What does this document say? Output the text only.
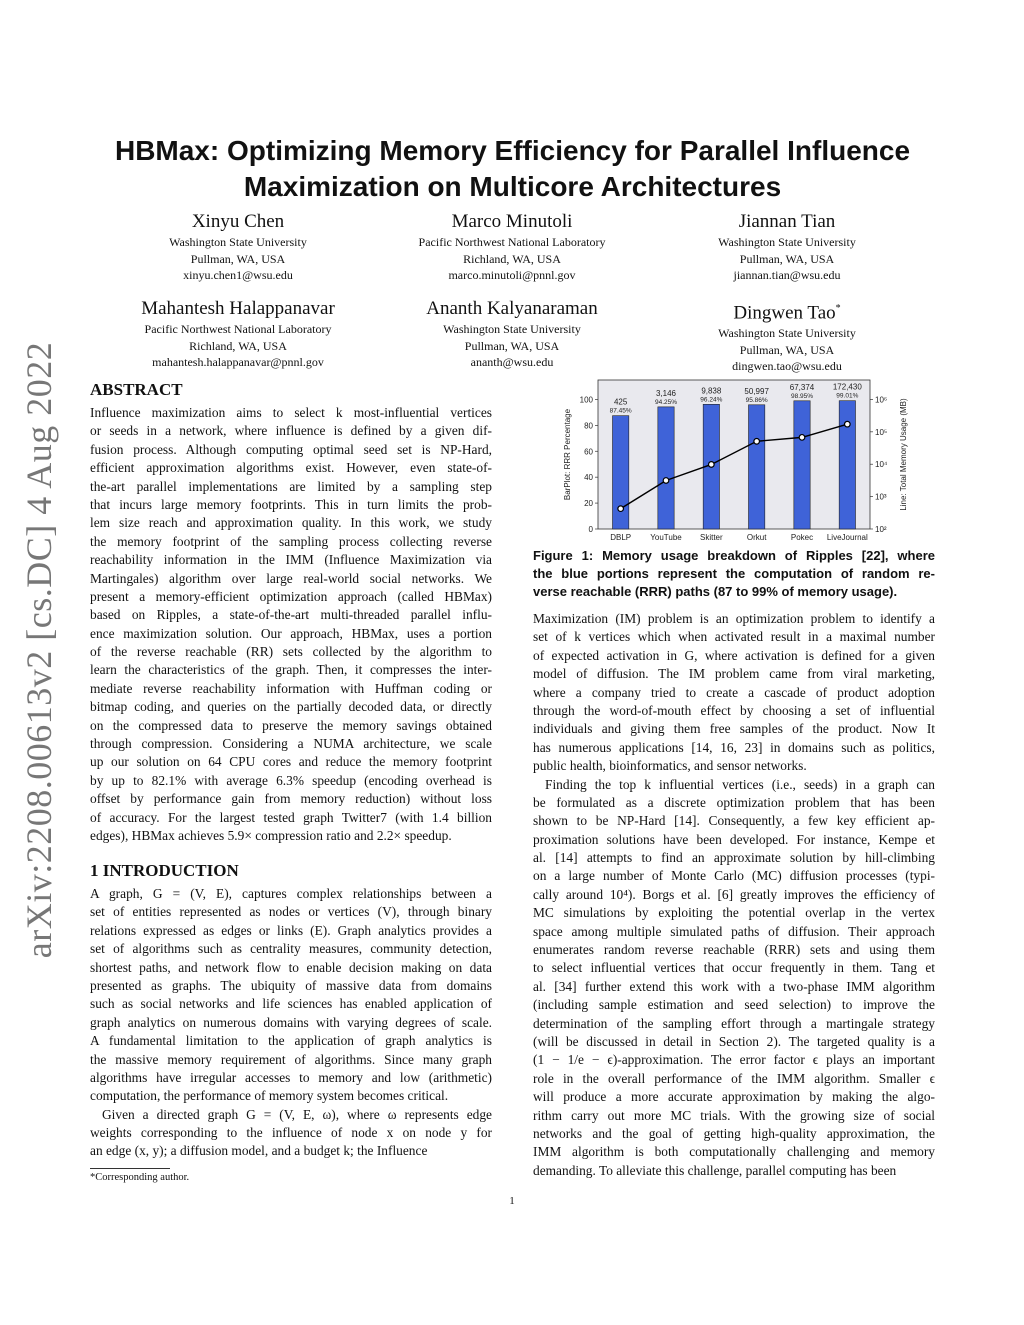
arXiv:2208.00613v2 [cs.DC] 4 Aug 2022
HBMax: Optimizing Memory Efficiency for Parallel Influence
Maximization on Multicore Architectures
Xinyu Chen
Washington State University
Pullman, WA, USA
xinyu.chen1@wsu.edu
Marco Minutoli
Pacific Northwest National Laboratory
Richland, WA, USA
marco.minutoli@pnnl.gov
Jiannan Tian
Washington State University
Pullman, WA, USA
jiannan.tian@wsu.edu
Mahantesh Halappanavar
Pacific Northwest National Laboratory
Richland, WA, USA
mahantesh.halappanavar@pnnl.gov
Ananth Kalyanaraman
Washington State University
Pullman, WA, USA
ananth@wsu.edu
Dingwen Tao*
Washington State University
Pullman, WA, USA
dingwen.tao@wsu.edu
ABSTRACT
Influence maximization aims to select k most-influential vertices
or seeds in a network, where influence is defined by a given dif-
fusion process. Although computing optimal seed set is NP-Hard,
efficient approximation algorithms exist. However, even state-of-
the-art parallel implementations are limited by a sampling step
that incurs large memory footprints. This in turn limits the prob-
lem size reach and approximation quality. In this work, we study
the memory footprint of the sampling process collecting reverse
reachability information in the IMM (Influence Maximization via
Martingales) algorithm over large real-world social networks. We
present a memory-efficient optimization approach (called HBMax)
based on Ripples, a state-of-the-art multi-threaded parallel influ-
ence maximization solution. Our approach, HBMax, uses a portion
of the reverse reachable (RR) sets collected by the algorithm to
learn the characteristics of the graph. Then, it compresses the inter-
mediate reverse reachability information with Huffman coding or
bitmap coding, and queries on the partially decoded data, or directly
on the compressed data to preserve the memory savings obtained
through compression. Considering a NUMA architecture, we scale
up our solution on 64 CPU cores and reduce the memory footprint
by up to 82.1% with average 6.3% speedup (encoding overhead is
offset by performance gain from memory reduction) without loss
of accuracy. For the largest tested graph Twitter7 (with 1.4 billion
edges), HBMax achieves 5.9× compression ratio and 2.2× speedup.
1 INTRODUCTION
A graph, G = (V, E), captures complex relationships between a
set of entities represented as nodes or vertices (V), through binary
relations expressed as edges or links (E). Graph analytics provides a
set of algorithms such as centrality measures, community detection,
shortest paths, and network flow to enable decision making on data
presented as graphs. The ubiquity of massive data from domains
such as social networks and life sciences has enabled application of
graph analytics on numerous domains with varying degrees of scale.
A fundamental limitation to the application of graph analytics is
the massive memory requirement of algorithms. Since many graph
algorithms have irregular accesses to memory and low (arithmetic)
computation, the performance of memory system becomes critical.
Given a directed graph G = (V, E, ω), where ω represents edge
weights corresponding to the influence of node x on node y for
an edge (x, y); a diffusion model, and a budget k; the Influence
0
20
40
60
80
100
10²
10³
10⁴
10⁵
10⁶
425
87.45%
DBLP
3,146
94.25%
YouTube
9,838
96.24%
Skitter
50,997
95.86%
Orkut
67,374
98.95%
Pokec
172,430
99.01%
LiveJournal
BarPlot: RRR Percentage	Line: Total Memory Usage (MB)
Figure 1: Memory usage breakdown of Ripples [22], where
the blue portions represent the computation of random re-
verse reachable (RRR) paths (87 to 99% of memory usage).
Maximization (IM) problem is an optimization problem to identify a
set of k vertices which when activated result in a maximal number
of expected activation in G, where activation is defined for a given
model of diffusion. The IM problem came from viral marketing,
where a company tried to create a cascade of product adoption
through the word-of-mouth effect by choosing a set of influential
individuals and giving them free samples of the product. Now It
has numerous applications [14, 16, 23] in domains such as politics,
public health, bioinformatics, and sensor networks.
Finding the top k influential vertices (i.e., seeds) in a graph can
be formulated as a discrete optimization problem that has been
shown to be NP-Hard [14]. Consequently, a few key efficient ap-
proximation solutions have been developed. For instance, Kempe et
al. [14] attempts to find an approximate solution by hill-climbing
on a large number of Monte Carlo (MC) diffusion processes (typi-
cally around 10⁴). Borgs et al. [6] greatly improves the efficiency of
MC simulations by exploiting the potential overlap in the vertex
space among multiple simulated paths of diffusion. Their approach
enumerates random reverse reachable (RRR) sets and using them
to select influential vertices that occur frequently in them. Tang et
al. [34] further extend this work with a two-phase IMM algorithm
(including sample estimation and seed selection) to improve the
determination of the sampling effort through a martingale strategy
(will be discussed in detail in Section 2). The targeted quality is a
(1 − 1/e − ϵ)-approximation. The error factor ϵ plays an important
role in the overall performance of the IMM algorithm. Smaller ϵ
will produce a more accurate approximation by making the algo-
rithm carry out more MC trials. With the growing size of social
networks and the goal of getting high-quality approximation, the
IMM algorithm is both computationally challenging and memory
demanding. To alleviate this challenge, parallel computing has been
*Corresponding author.
1
